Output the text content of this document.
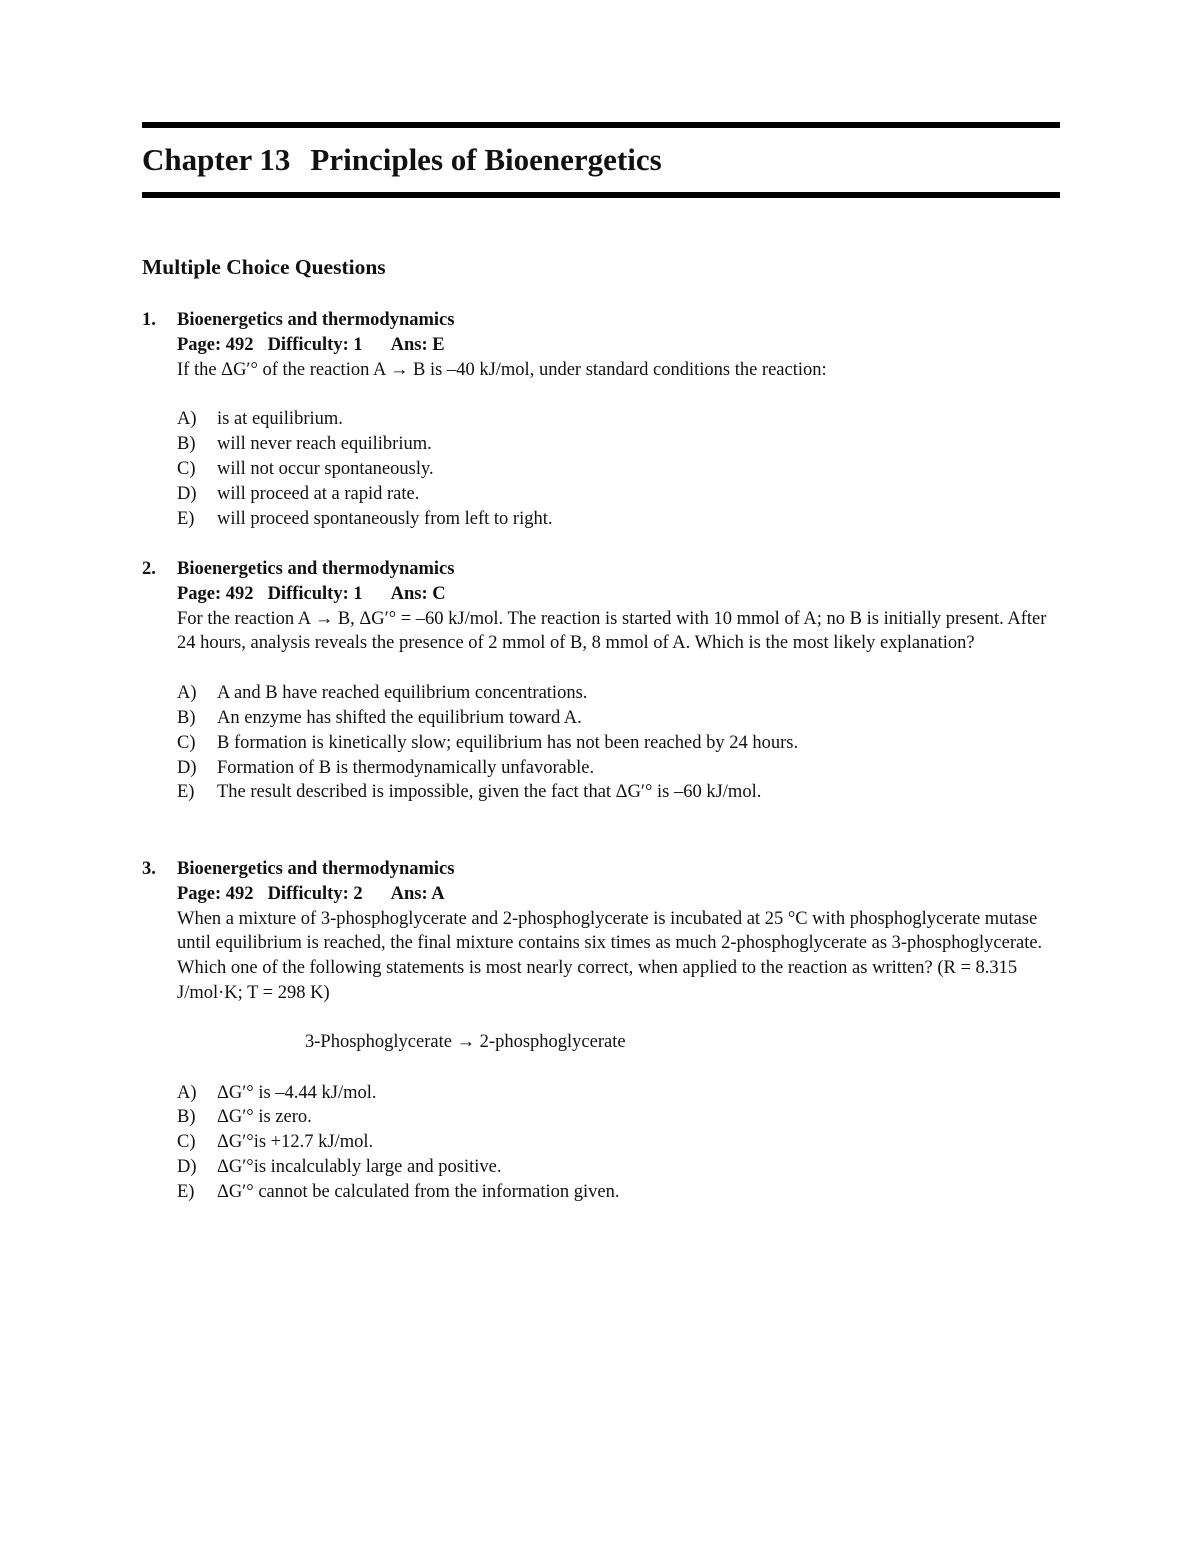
Chapter 13 Principles of Bioenergetics
Multiple Choice Questions
1.	Bioenergetics and thermodynamics
Page: 492 Difficulty: 1 Ans: E

If the ΔG′° of the reaction A → B is –40 kJ/mol, under standard conditions the reaction:

A)	is at equilibrium.
B)	will never reach equilibrium.
C)	will not occur spontaneously.
D)	will proceed at a rapid rate.
E)	will proceed spontaneously from left to right.
2.	Bioenergetics and thermodynamics
Page: 492 Difficulty: 1 Ans: C

For the reaction A → B, ΔG′° = –60 kJ/mol. The reaction is started with 10 mmol of A; no B is initially present. After 24 hours, analysis reveals the presence of 2 mmol of B, 8 mmol of A. Which is the most likely explanation?

A)	A and B have reached equilibrium concentrations.
B)	An enzyme has shifted the equilibrium toward A.
C)	B formation is kinetically slow; equilibrium has not been reached by 24 hours.
D)	Formation of B is thermodynamically unfavorable.
E)	The result described is impossible, given the fact that ΔG′° is –60 kJ/mol.
3.	Bioenergetics and thermodynamics
Page: 492 Difficulty: 2 Ans: A

When a mixture of 3-phosphoglycerate and 2-phosphoglycerate is incubated at 25 °C with phosphoglycerate mutase until equilibrium is reached, the final mixture contains six times as much 2-phosphoglycerate as 3-phosphoglycerate. Which one of the following statements is most nearly correct, when applied to the reaction as written? (R = 8.315 J/mol·K; T = 298 K)

3-Phosphoglycerate → 2-phosphoglycerate
A)	ΔG′° is –4.44 kJ/mol.
B)	ΔG′° is zero.
C)	ΔG′°is +12.7 kJ/mol.
D)	ΔG′°is incalculably large and positive.
E)	ΔG′° cannot be calculated from the information given.
